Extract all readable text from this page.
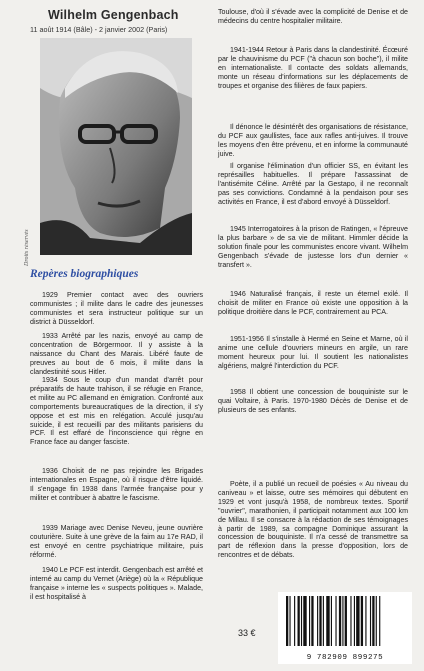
Wilhelm Gengenbach
11 août 1914 (Bâle) - 2 janvier 2002 (Paris)
Droits réservés
Repères biographiques
1929 Premier contact avec des ouvriers communistes ; il milite dans le cadre des jeunesses communistes et sera instructeur politique sur un district à Düsseldorf.
1933 Arrêté par les nazis, envoyé au camp de concentration de Börgermoor. Il y assiste à la naissance du Chant des Marais. Libéré faute de preuves au bout de 6 mois, il milite dans la clandestinité sous Hitler.
1934 Sous le coup d'un mandat d'arrêt pour préparatifs de haute trahison, il se réfugie en France, et milite au PC allemand en émigration. Confronté aux comportements bureaucratiques de la direction, il s'y oppose et est mis en relégation. Acculé jusqu'au suicide, il est recueilli par des militants parisiens du PCF. Il est effaré de l'inconscience qui règne en France face au danger fasciste.
1936 Choisit de ne pas rejoindre les Brigades internationales en Espagne, où il risque d'être liquidé. Il s'engage fin 1938 dans l'armée française pour y militer et contribuer à abattre le fascisme.
1939 Mariage avec Denise Neveu, jeune ouvrière couturière. Suite à une grève de la faim au 17e RAD, il est envoyé en centre psychiatrique militaire, puis réformé.
1940 Le PCF est interdit. Gengenbach est arrêté et interné au camp du Vernet (Ariège) où la « République française » interne les « suspects politiques ». Malade, il est hospitalisé à
Toulouse, d'où il s'évade avec la complicité de Denise et de médecins du centre hospitalier militaire.
1941-1944 Retour à Paris dans la clandestinité. Écœuré par le chauvinisme du PCF ("à chacun son boche"), il milite en internationaliste. Il contacte des soldats allemands, monte un réseau d'informations sur les déplacements de troupes et organise des filières de faux papiers.
Il dénonce le désintérêt des organisations de résistance, du PCF aux gaullistes, face aux rafles anti-juives. Il trouve les moyens d'en être prévenu, et en informe la communauté juive.
Il organise l'élimination d'un officier SS, en évitant les représailles habituelles. Il prépare l'assassinat de l'antisémite Céline. Arrêté par la Gestapo, il ne reconnaît pas ses convictions. Condamné à la pendaison pour ses activités en France, il est d'abord envoyé à Düsseldorf.
1945 Interrogatoires à la prison de Ratingen, « l'épreuve la plus barbare » de sa vie de militant. Himmler décide la solution finale pour les communistes encore vivant. Wilhelm Gengenbach s'évade de justesse lors d'un dernier « transfert ».
1946 Naturalisé français, il reste un éternel exilé. Il choisit de militer en France où existe une opposition à la politique droitière dans le PCF, contrairement au PCA.
1951-1956 Il s'installe à Hermé en Seine et Marne, où il anime une cellule d'ouvriers mineurs en argile, un rare moment heureux pour lui. Il soutient les nationalistes algériens, malgré l'interdiction du PCF.
1958 Il obtient une concession de bouquiniste sur le quai Voltaire, à Paris. 1970-1980 Décès de Denise et de plusieurs de ses enfants.
Poète, il a publié un recueil de poésies « Au niveau du caniveau » et laisse, outre ses mémoires qui débutent en 1929 et vont jusqu'à 1958, de nombreux textes. Sportif "ouvrier", marathonien, il participait notamment aux 100 km de Millau. Il se consacre à la rédaction de ses témoignages à partir de 1989, sa compagne Dominique assurant la concession de bouquiniste. Il n'a cessé de transmettre sa part de réflexion dans la presse d'opposition, lors de rencontres et de débats.
33 €
9 782909 899275
